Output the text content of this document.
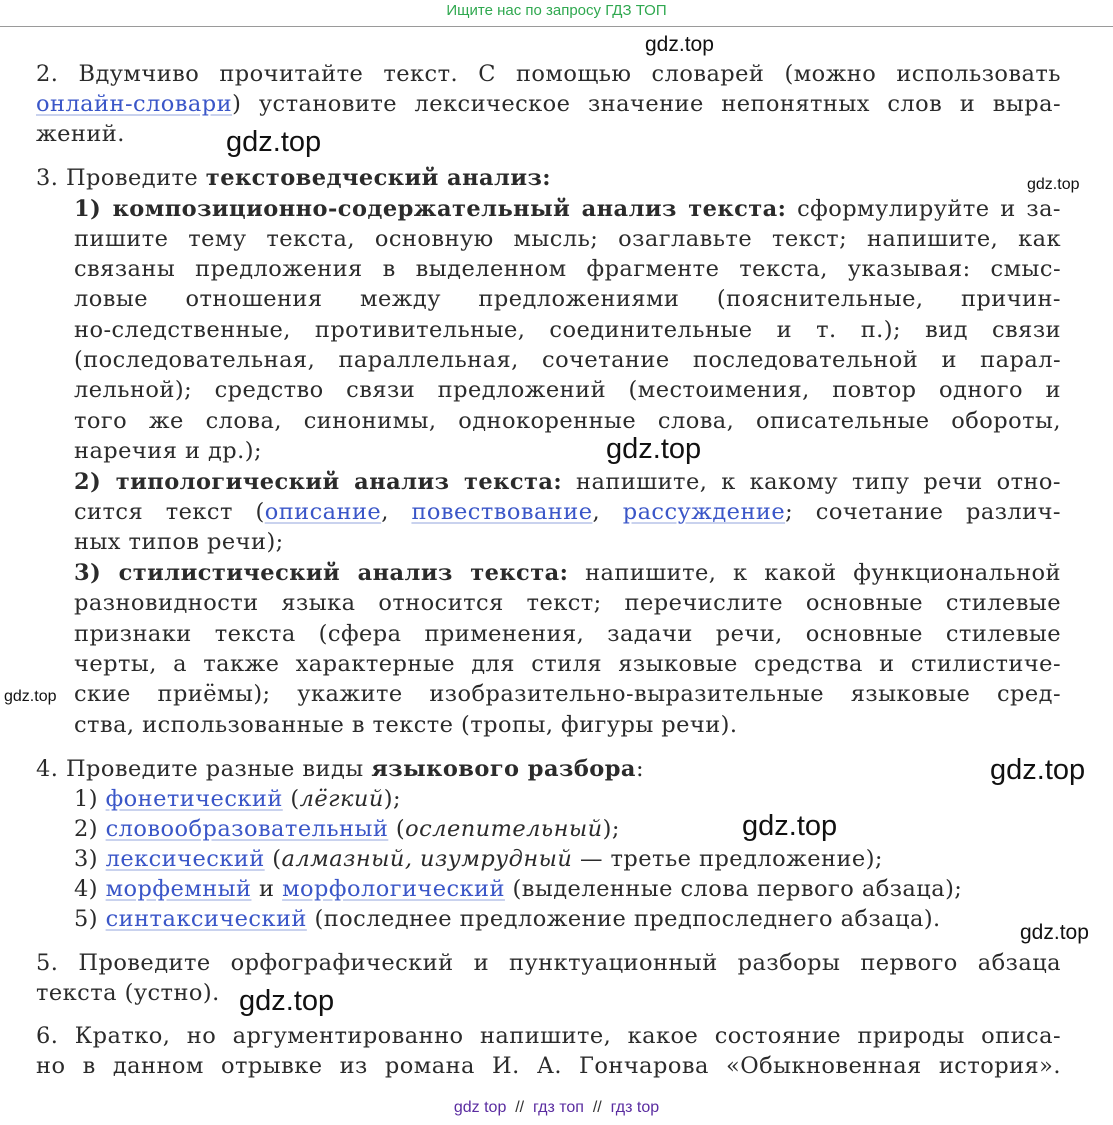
Ищите нас по запросу ГДЗ ТОП
gdz.top
gdz.top
gdz.top
gdz.top
gdz.top
gdz.top
gdz.top
gdz.top
gdz.top
2. Вдумчиво прочитайте текст. С помощью словарей (можно использовать
онлайн-словари) установите лексическое значение непонятных слов и выра-
жений.
3. Проведите текстоведческий анализ:
1) композиционно-содержательный анализ текста: сформулируйте и за-
пишите тему текста, основную мысль; озаглавьте текст; напишите, как
связаны предложения в выделенном фрагменте текста, указывая: смыс-
ловые отношения между предложениями (пояснительные, причин-
но-следственные, противительные, соединительные и т. п.); вид связи
(последовательная, параллельная, сочетание последовательной и парал-
лельной); средство связи предложений (местоимения, повтор одного и
того же слова, синонимы, однокоренные слова, описательные обороты,
наречия и др.);
2) типологический анализ текста: напишите, к какому типу речи отно-
сится текст (описание, повествование, рассуждение; сочетание различ-
ных типов речи);
3) стилистический анализ текста: напишите, к какой функциональной
разновидности языка относится текст; перечислите основные стилевые
признаки текста (сфера применения, задачи речи, основные стилевые
черты, а также характерные для стиля языковые средства и стилистиче-
ские приёмы); укажите изобразительно-выразительные языковые сред-
ства, использованные в тексте (тропы, фигуры речи).
4. Проведите разные виды языкового разбора:
1) фонетический (лёгкий);
2) словообразовательный (ослепительный);
3) лексический (алмазный, изумрудный — третье предложение);
4) морфемный и морфологический (выделенные слова первого абзаца);
5) синтаксический (последнее предложение предпоследнего абзаца).
5. Проведите орфографический и пунктуационный разборы первого абзаца
текста (устно).
6. Кратко, но аргументированно напишите, какое состояние природы описа-
но в данном отрывке из романа И. А. Гончарова «Обыкновенная история».
gdz top // гдз топ // гдз top
